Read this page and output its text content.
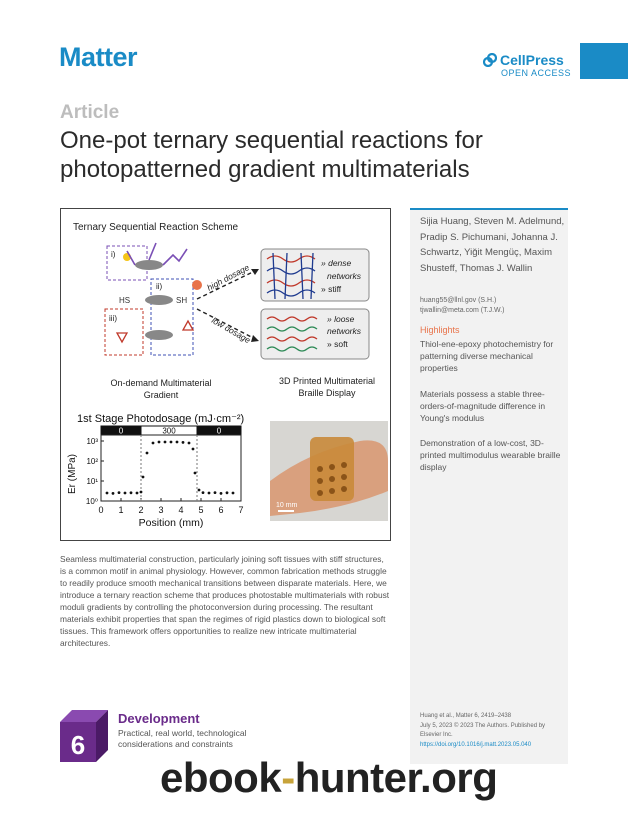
Matter	CellPress
OPEN ACCESS
Article
One-pot ternary sequential reactions for photopatterned gradient multimaterials
Ternary Sequential Reaction Scheme
i)
ii)
iii)
HS	SH
high dosage
low dosage
» dense
networks
» stiff
» loose
networks
» soft
On-demand Multimaterial
Gradient
3D Printed Multimaterial
Braille Display
1st Stage Photodosage (mJ·cm⁻²)
0	300	0
0 1 2 3 4 5 6 7
10⁰
10¹
10²
10³
Er (MPa)
Position (mm)
10 mm
Sijia Huang, Steven M. Adelmund, Pradip S. Pichumani, Johanna J. Schwartz, Yiğit Mengüç, Maxim Shusteff, Thomas J. Wallin
huang55@llnl.gov (S.H.)
tjwallin@meta.com (T.J.W.)
Highlights
Thiol-ene-epoxy photochemistry for patterning diverse mechanical properties
Materials possess a stable three-orders-of-magnitude difference in Young's modulus
Demonstration of a low-cost, 3D-printed multimodulus wearable braille display
Seamless multimaterial construction, particularly joining soft tissues with stiff structures, is a common motif in animal physiology. However, common fabrication methods struggle to readily produce smooth mechanical transitions between disparate materials. Here, we introduce a ternary reaction scheme that produces photostable multimaterials with robust moduli gradients by controlling the photoconversion during processing. The resultant materials exhibit properties that span the regimes of rigid plastics down to biological soft tissues. This framework offers opportunities to realize new intricate multimaterial architectures.
6
Development
Practical, real world, technological considerations and constraints
Huang et al., Matter 6, 2419–2438
July 5, 2023 © 2023 The Authors. Published by Elsevier Inc.
https://doi.org/10.1016/j.matt.2023.05.040
ebook-hunter.org
